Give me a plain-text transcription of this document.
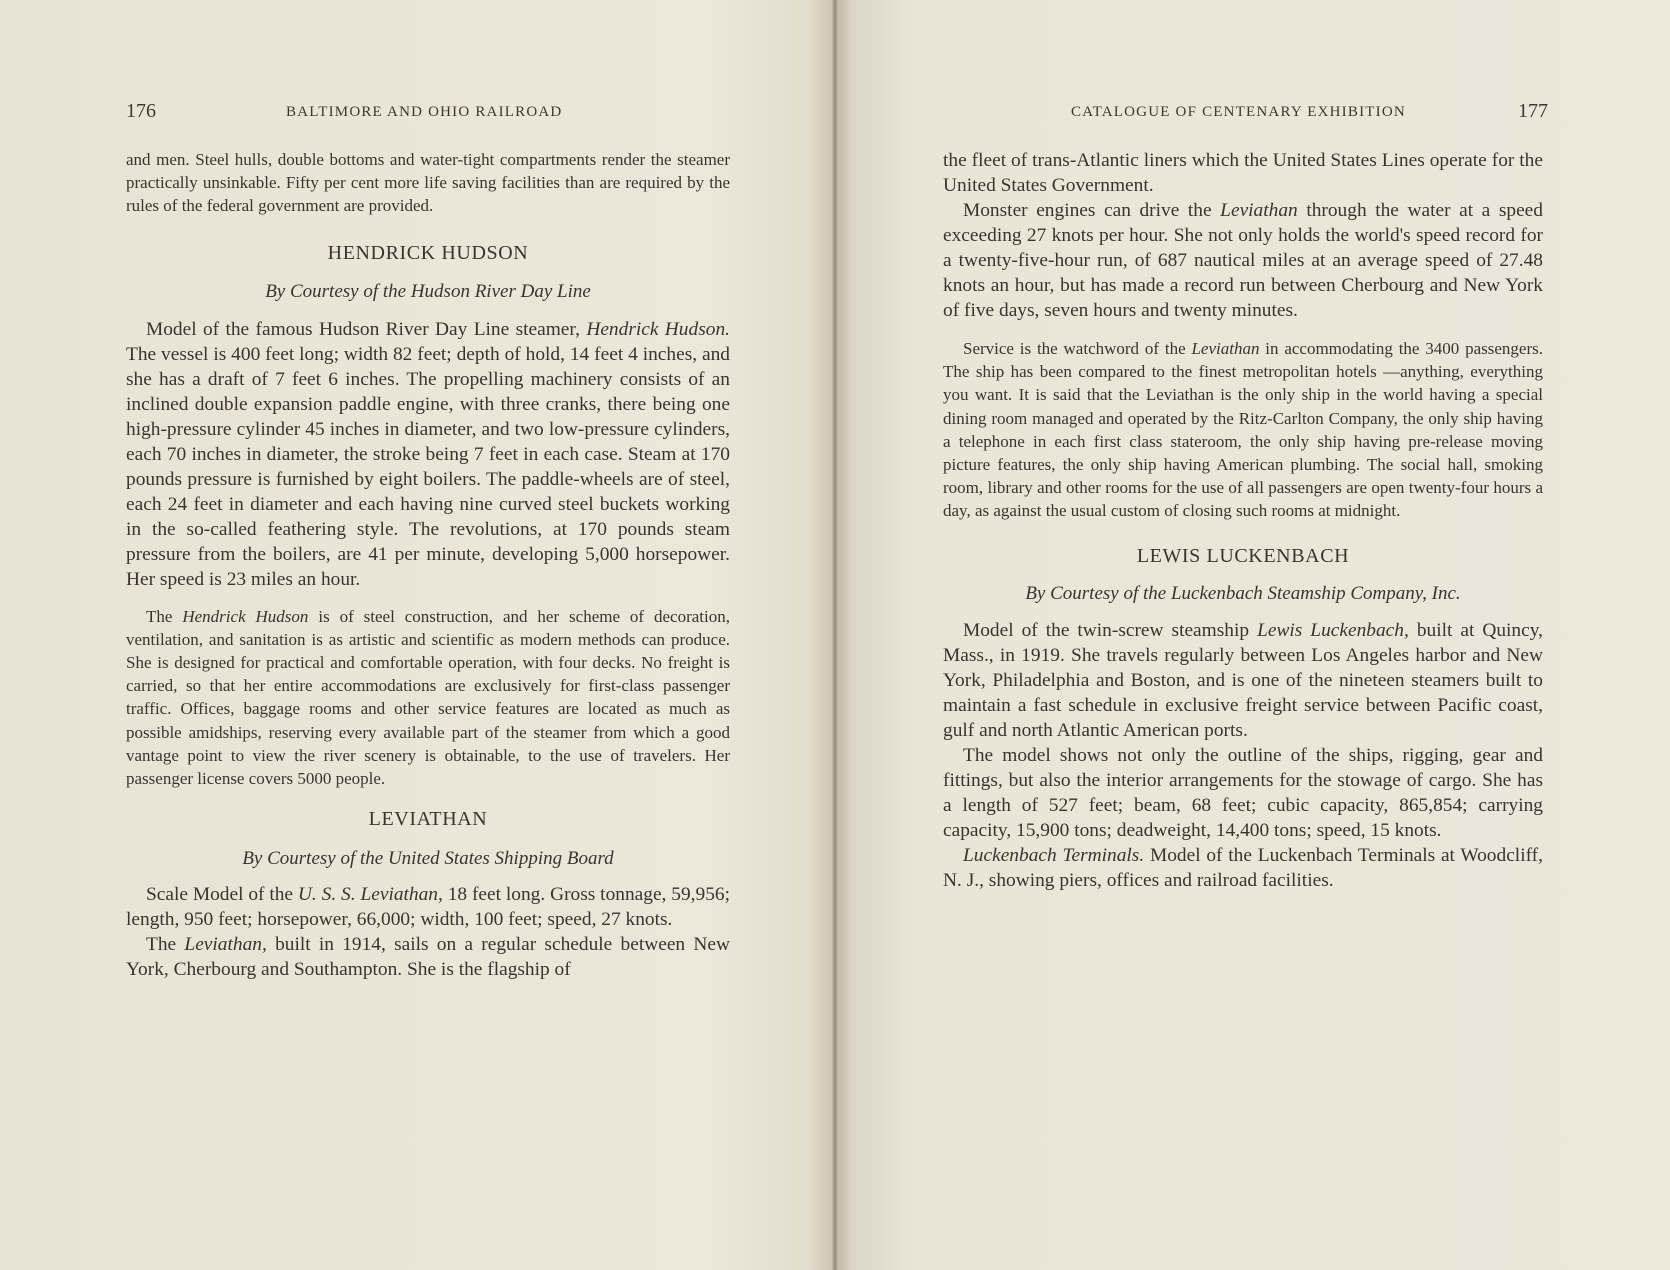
176	BALTIMORE AND OHIO RAILROAD

and men. Steel hulls, double bottoms and water-tight compartments render the steamer practically unsinkable. Fifty per cent more life saving facilities than are required by the rules of the federal government are provided.

HENDRICK HUDSON

By Courtesy of the Hudson River Day Line

Model of the famous Hudson River Day Line steamer, Hendrick Hudson. The vessel is 400 feet long; width 82 feet; depth of hold, 14 feet 4 inches, and she has a draft of 7 feet 6 inches. The propelling machinery consists of an inclined double expansion paddle engine, with three cranks, there being one high-pressure cylinder 45 inches in diameter, and two low-pressure cylinders, each 70 inches in diameter, the stroke being 7 feet in each case. Steam at 170 pounds pressure is furnished by eight boilers. The paddle-wheels are of steel, each 24 feet in diameter and each having nine curved steel buckets working in the so-called feathering style. The revolutions, at 170 pounds steam pressure from the boilers, are 41 per minute, developing 5,000 horsepower. Her speed is 23 miles an hour.

The Hendrick Hudson is of steel construction, and her scheme of decoration, ventilation, and sanitation is as artistic and scientific as modern methods can produce. She is designed for practical and comfortable operation, with four decks. No freight is carried, so that her entire accommodations are exclusively for first-class passenger traffic. Offices, baggage rooms and other service features are located as much as possible amidships, reserving every available part of the steamer from which a good vantage point to view the river scenery is obtainable, to the use of travelers. Her passenger license covers 5000 people.

LEVIATHAN

By Courtesy of the United States Shipping Board

Scale Model of the U. S. S. Leviathan, 18 feet long. Gross tonnage, 59,956; length, 950 feet; horsepower, 66,000; width, 100 feet; speed, 27 knots.

The Leviathan, built in 1914, sails on a regular schedule between New York, Cherbourg and Southampton. She is the flagship of

CATALOGUE OF CENTENARY EXHIBITION	177

the fleet of trans-Atlantic liners which the United States Lines operate for the United States Government.

Monster engines can drive the Leviathan through the water at a speed exceeding 27 knots per hour. She not only holds the world's speed record for a twenty-five-hour run, of 687 nautical miles at an average speed of 27.48 knots an hour, but has made a record run between Cherbourg and New York of five days, seven hours and twenty minutes.

Service is the watchword of the Leviathan in accommodating the 3400 passengers. The ship has been compared to the finest metropolitan hotels —anything, everything you want. It is said that the Leviathan is the only ship in the world having a special dining room managed and operated by the Ritz-Carlton Company, the only ship having a telephone in each first class stateroom, the only ship having pre-release moving picture features, the only ship having American plumbing. The social hall, smoking room, library and other rooms for the use of all passengers are open twenty-four hours a day, as against the usual custom of closing such rooms at midnight.

LEWIS LUCKENBACH

By Courtesy of the Luckenbach Steamship Company, Inc.

Model of the twin-screw steamship Lewis Luckenbach, built at Quincy, Mass., in 1919. She travels regularly between Los Angeles harbor and New York, Philadelphia and Boston, and is one of the nineteen steamers built to maintain a fast schedule in exclusive freight service between Pacific coast, gulf and north Atlantic American ports.

The model shows not only the outline of the ships, rigging, gear and fittings, but also the interior arrangements for the stowage of cargo. She has a length of 527 feet; beam, 68 feet; cubic capacity, 865,854; carrying capacity, 15,900 tons; deadweight, 14,400 tons; speed, 15 knots.

Luckenbach Terminals. Model of the Luckenbach Terminals at Woodcliff, N. J., showing piers, offices and railroad facilities.
